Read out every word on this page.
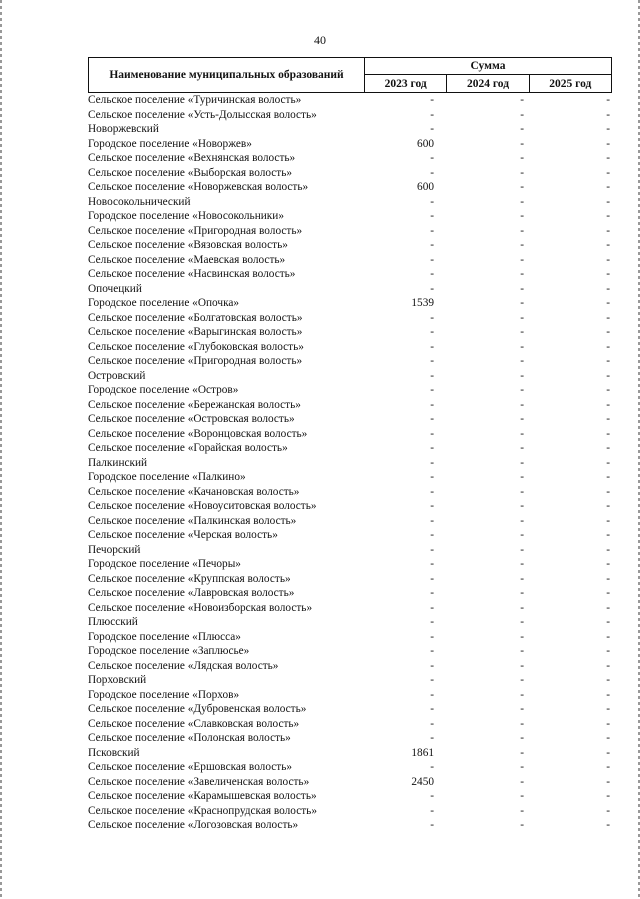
40
Наименование муниципальных образований
Сумма
2023 год	2024 год	2025 год
Сельское поселение «Туричинская волость»	-	-	-
Сельское поселение «Усть-Долысская волость»	-	-	-
Новоржевский	-	-	-
Городское поселение «Новоржев»	600	-	-
Сельское поселение «Вехнянская волость»	-	-	-
Сельское поселение «Выборская волость»	-	-	-
Сельское поселение «Новоржевская волость»	600	-	-
Новосокольнический	-	-	-
Городское поселение «Новосокольники»	-	-	-
Сельское поселение «Пригородная волость»	-	-	-
Сельское поселение «Вязовская волость»	-	-	-
Сельское поселение «Маевская волость»	-	-	-
Сельское поселение «Насвинская волость»	-	-	-
Опочецкий	-	-	-
Городское поселение «Опочка»	1539	-	-
Сельское поселение «Болгатовская волость»	-	-	-
Сельское поселение «Варыгинская волость»	-	-	-
Сельское поселение «Глубоковская волость»	-	-	-
Сельское поселение «Пригородная волость»	-	-	-
Островский	-	-	-
Городское поселение «Остров»	-	-	-
Сельское поселение «Бережанская волость»	-	-	-
Сельское поселение «Островская волость»	-	-	-
Сельское поселение «Воронцовская волость»	-	-	-
Сельское поселение «Горайская волость»	-	-	-
Палкинский	-	-	-
Городское поселение «Палкино»	-	-	-
Сельское поселение «Качановская волость»	-	-	-
Сельское поселение «Новоуситовская волость»	-	-	-
Сельское поселение «Палкинская волость»	-	-	-
Сельское поселение «Черская волость»	-	-	-
Печорский	-	-	-
Городское поселение «Печоры»	-	-	-
Сельское поселение «Круппская волость»	-	-	-
Сельское поселение «Лавровская волость»	-	-	-
Сельское поселение «Новоизборская волость»	-	-	-
Плюсский	-	-	-
Городское поселение «Плюсса»	-	-	-
Городское поселение «Заплюсье»	-	-	-
Сельское поселение «Лядская волость»	-	-	-
Порховский	-	-	-
Городское поселение «Порхов»	-	-	-
Сельское поселение «Дубровенская волость»	-	-	-
Сельское поселение «Славковская волость»	-	-	-
Сельское поселение «Полонская волость»	-	-	-
Псковский	1861	-	-
Сельское поселение «Ершовская волость»	-	-	-
Сельское поселение «Завеличенская волость»	2450	-	-
Сельское поселение «Карамышевская волость»	-	-	-
Сельское поселение «Краснопрудская волость»	-	-	-
Сельское поселение «Логозовская волость»	-	-	-
